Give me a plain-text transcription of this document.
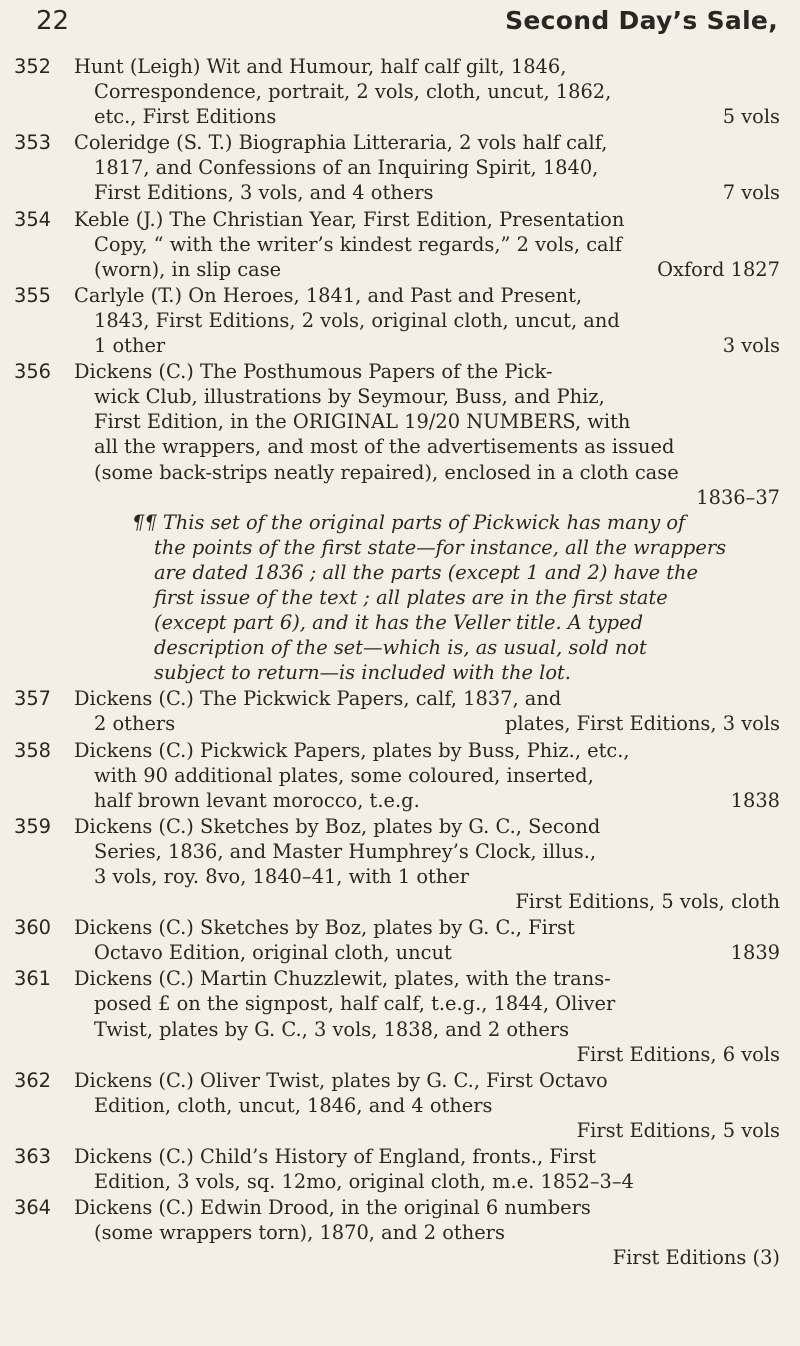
22	Second Day’s Sale,
352	Hunt (Leigh) Wit and Humour, half calf gilt, 1846,
Correspondence, portrait, 2 vols, cloth, uncut, 1862,
etc., First Editions	5 vols
353	Coleridge (S. T.) Biographia Litteraria, 2 vols half calf,
1817, and Confessions of an Inquiring Spirit, 1840,
First Editions, 3 vols, and 4 others	7 vols
354	Keble (J.) The Christian Year, First Edition, Presentation
Copy, “ with the writer’s kindest regards,” 2 vols, calf
(worn), in slip case	Oxford 1827
355	Carlyle (T.) On Heroes, 1841, and Past and Present,
1843, First Editions, 2 vols, original cloth, uncut, and
1 other	3 vols
356	Dickens (C.) The Posthumous Papers of the Pick-
wick Club, illustrations by Seymour, Buss, and Phiz,
First Edition, in the ORIGINAL 19/20 NUMBERS, with
all the wrappers, and most of the advertisements as issued
(some back-strips neatly repaired), enclosed in a cloth case
1836–37
¶¶ This set of the original parts of Pickwick has many of
the points of the first state—for instance, all the wrappers
are dated 1836 ; all the parts (except 1 and 2) have the
first issue of the text ; all plates are in the first state
(except part 6), and it has the Veller title. A typed
description of the set—which is, as usual, sold not
subject to return—is included with the lot.
357	Dickens (C.) The Pickwick Papers, calf, 1837, and
2 others	plates, First Editions, 3 vols
358	Dickens (C.) Pickwick Papers, plates by Buss, Phiz., etc.,
with 90 additional plates, some coloured, inserted,
half brown levant morocco, t.e.g.	1838
359	Dickens (C.) Sketches by Boz, plates by G. C., Second
Series, 1836, and Master Humphrey’s Clock, illus.,
3 vols, roy. 8vo, 1840–41, with 1 other
First Editions, 5 vols, cloth
360	Dickens (C.) Sketches by Boz, plates by G. C., First
Octavo Edition, original cloth, uncut	1839
361	Dickens (C.) Martin Chuzzlewit, plates, with the trans-
posed £ on the signpost, half calf, t.e.g., 1844, Oliver
Twist, plates by G. C., 3 vols, 1838, and 2 others
First Editions, 6 vols
362	Dickens (C.) Oliver Twist, plates by G. C., First Octavo
Edition, cloth, uncut, 1846, and 4 others
First Editions, 5 vols
363	Dickens (C.) Child’s History of England, fronts., First
Edition, 3 vols, sq. 12mo, original cloth, m.e. 1852–3–4
364	Dickens (C.) Edwin Drood, in the original 6 numbers
(some wrappers torn), 1870, and 2 others
First Editions (3)
